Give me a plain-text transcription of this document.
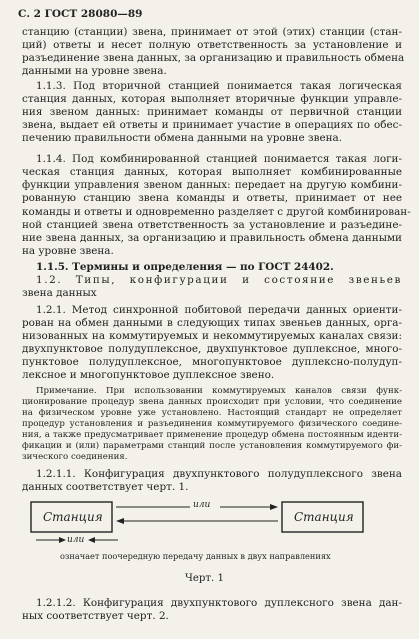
С. 2 ГОСТ 28080—89
станцию (станции) звена, принимает от этой (этих) станции (стан-
ций) ответы и несет полную ответственность за установление и
разъединение звена данных, за организацию и правильность обмена
данными на уровне звена.
1.1.3. Под вторичной станцией понимается такая логическая
станция данных, которая выполняет вторичные функции управле-
ния звеном данных: принимает команды от первичной станции
звена, выдает ей ответы и принимает участие в операциях по обес-
печению правильности обмена данными на уровне звена.
1.1.4. Под комбинированной станцией понимается такая логи-
ческая станция данных, которая выполняет комбинированные
функции управления звеном данных: передает на другую комбини-
рованную станцию звена команды и ответы, принимает от нее
команды и ответы и одновременно разделяет с другой комбинирован-
ной станцией звена ответственность за установление и разъедине-
ние звена данных, за организацию и правильность обмена данными
на уровне звена.
1.1.5. Термины и определения — по ГОСТ 24402.
1.2. Типы, конфигурации и состояние звеньев
звена данных
1.2.1. Метод синхронной побитовой передачи данных ориенти-
рован на обмен данными в следующих типах звеньев данных, орга-
низованных на коммутируемых и некоммутируемых каналах связи:
двухпунктовое полудуплексное, двухпунктовое дуплексное, много-
пунктовое полудуплексное, многопунктовое дуплексно-полудуп-
лексное и многопунктовое дуплексное звено.
Примечание. При использовании коммутируемых каналов связи функ-
ционирование процедур звена данных происходит при условии, что соединение
на физическом уровне уже установлено. Настоящий стандарт не определяет
процедур установления и разъединения коммутируемого физического соедине-
ния, а также предусматривает применение процедур обмена постоянным иденти-
фикации и (или) параметрами станций после установления коммутируемого фи-
зического соединения.
1.2.1.1. Конфигурация двухпунктового полудуплексного звена
данных соответствует черт. 1.
Станция	Станция
или
или
означает поочередную передачу данных в двух направлениях
Черт. 1
1.2.1.2. Конфигурация двухпунктового дуплексного звена дан-
ных соответствует черт. 2.
